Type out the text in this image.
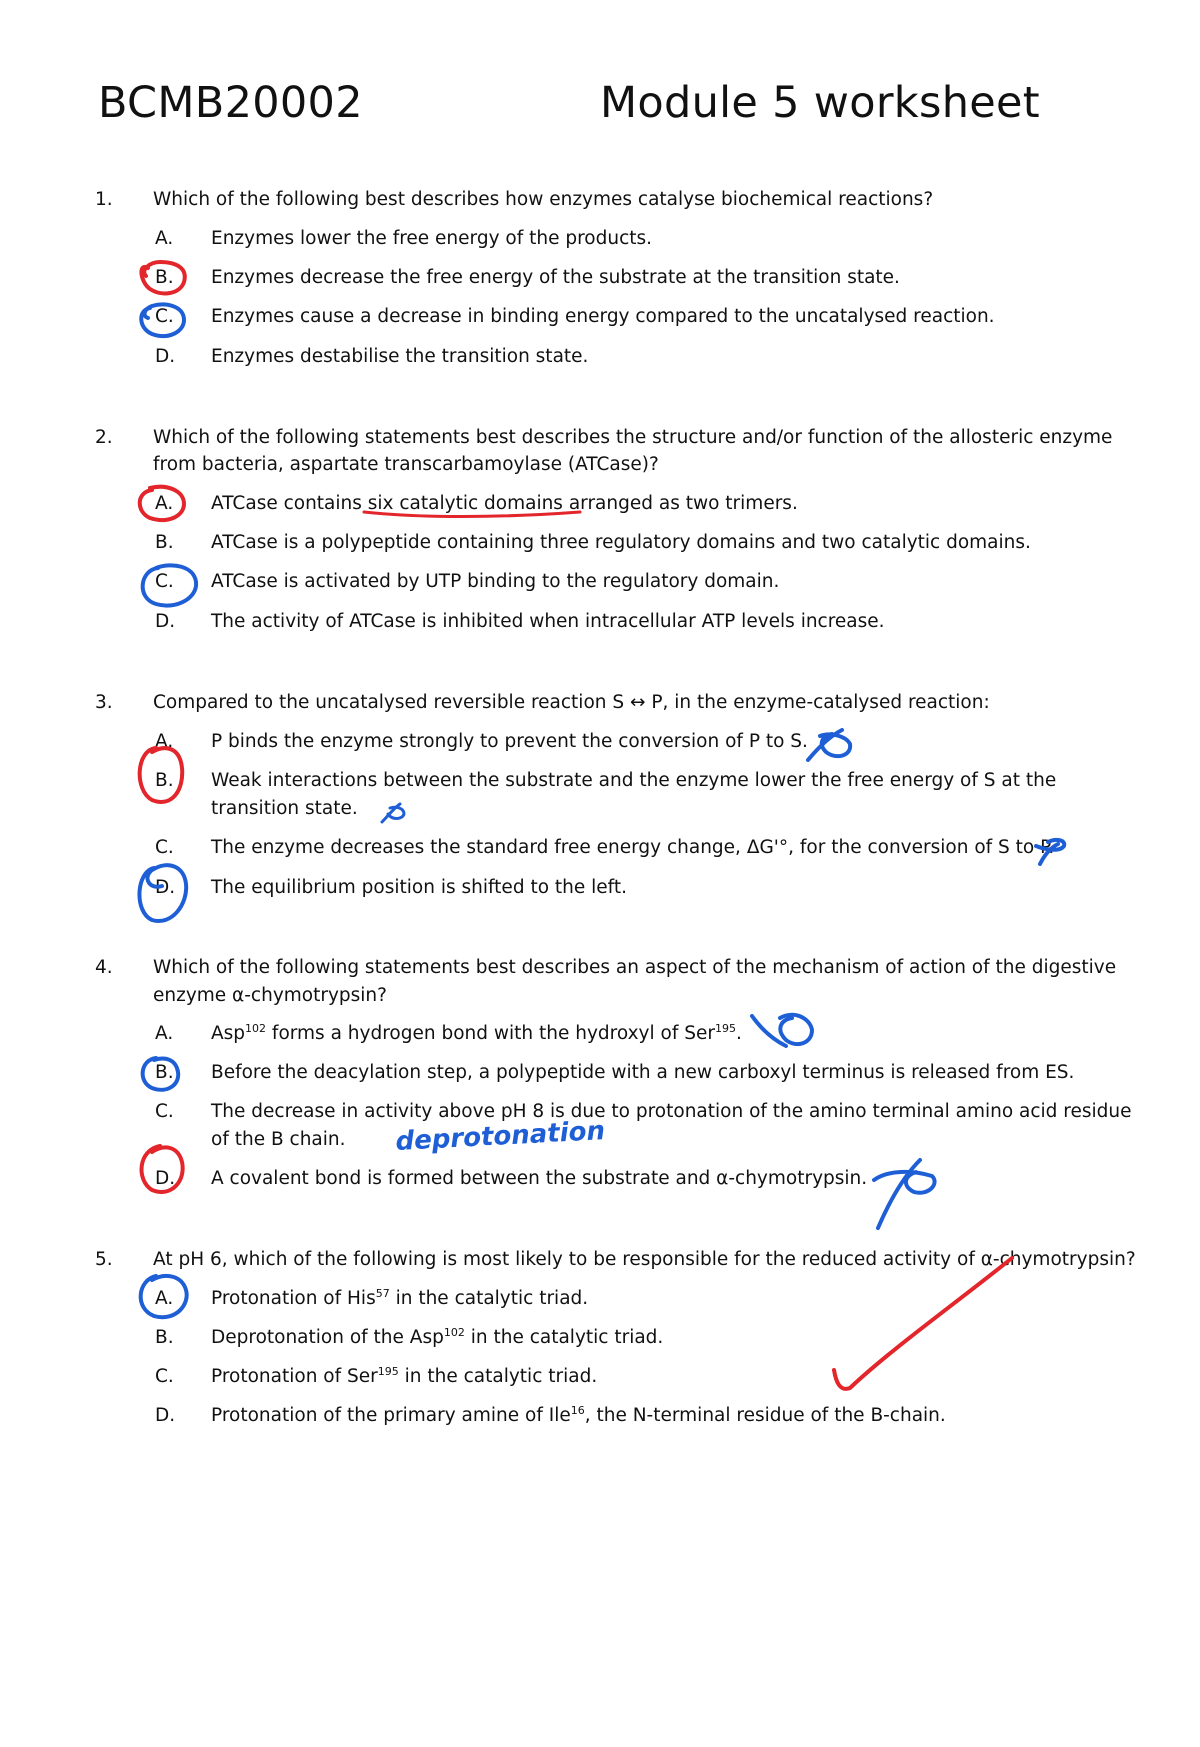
BCMB20002	Module 5 worksheet
1. Which of the following best describes how enzymes catalyse biochemical reactions?
A.	Enzymes lower the free energy of the products.
B.	Enzymes decrease the free energy of the substrate at the transition state.
C.	Enzymes cause a decrease in binding energy compared to the uncatalysed reaction.
D.	Enzymes destabilise the transition state.
2. Which of the following statements best describes the structure and/or function of the allosteric enzyme
from bacteria, aspartate transcarbamoylase (ATCase)?
A.	ATCase contains six catalytic domains arranged as two trimers.
B.	ATCase is a polypeptide containing three regulatory domains and two catalytic domains.
C.	ATCase is activated by UTP binding to the regulatory domain.
D.	The activity of ATCase is inhibited when intracellular ATP levels increase.
3. Compared to the uncatalysed reversible reaction S ↔ P, in the enzyme-catalysed reaction:
A.	P binds the enzyme strongly to prevent the conversion of P to S.
B.	Weak interactions between the substrate and the enzyme lower the free energy of S at the
transition state.
C.	The enzyme decreases the standard free energy change, ΔG'°, for the conversion of S to P.
D.	The equilibrium position is shifted to the left.
4. Which of the following statements best describes an aspect of the mechanism of action of the digestive
enzyme α-chymotrypsin?
A.	Asp$^{102}$ forms a hydrogen bond with the hydroxyl of Ser$^{195}$.
B.	Before the deacylation step, a polypeptide with a new carboxyl terminus is released from ES.
C.	The decrease in activity above pH 8 is due to protonation of the amino terminal amino acid residue
of the B chain.
D.	A covalent bond is formed between the substrate and α-chymotrypsin.
5. At pH 6, which of the following is most likely to be responsible for the reduced activity of α-chymotrypsin?
A.	Protonation of His$^{57}$ in the catalytic triad.
B.	Deprotonation of the Asp$^{102}$ in the catalytic triad.
C.	Protonation of Ser$^{195}$ in the catalytic triad.
D.	Protonation of the primary amine of Ile$^{16}$, the N-terminal residue of the B-chain.
deprotonation
